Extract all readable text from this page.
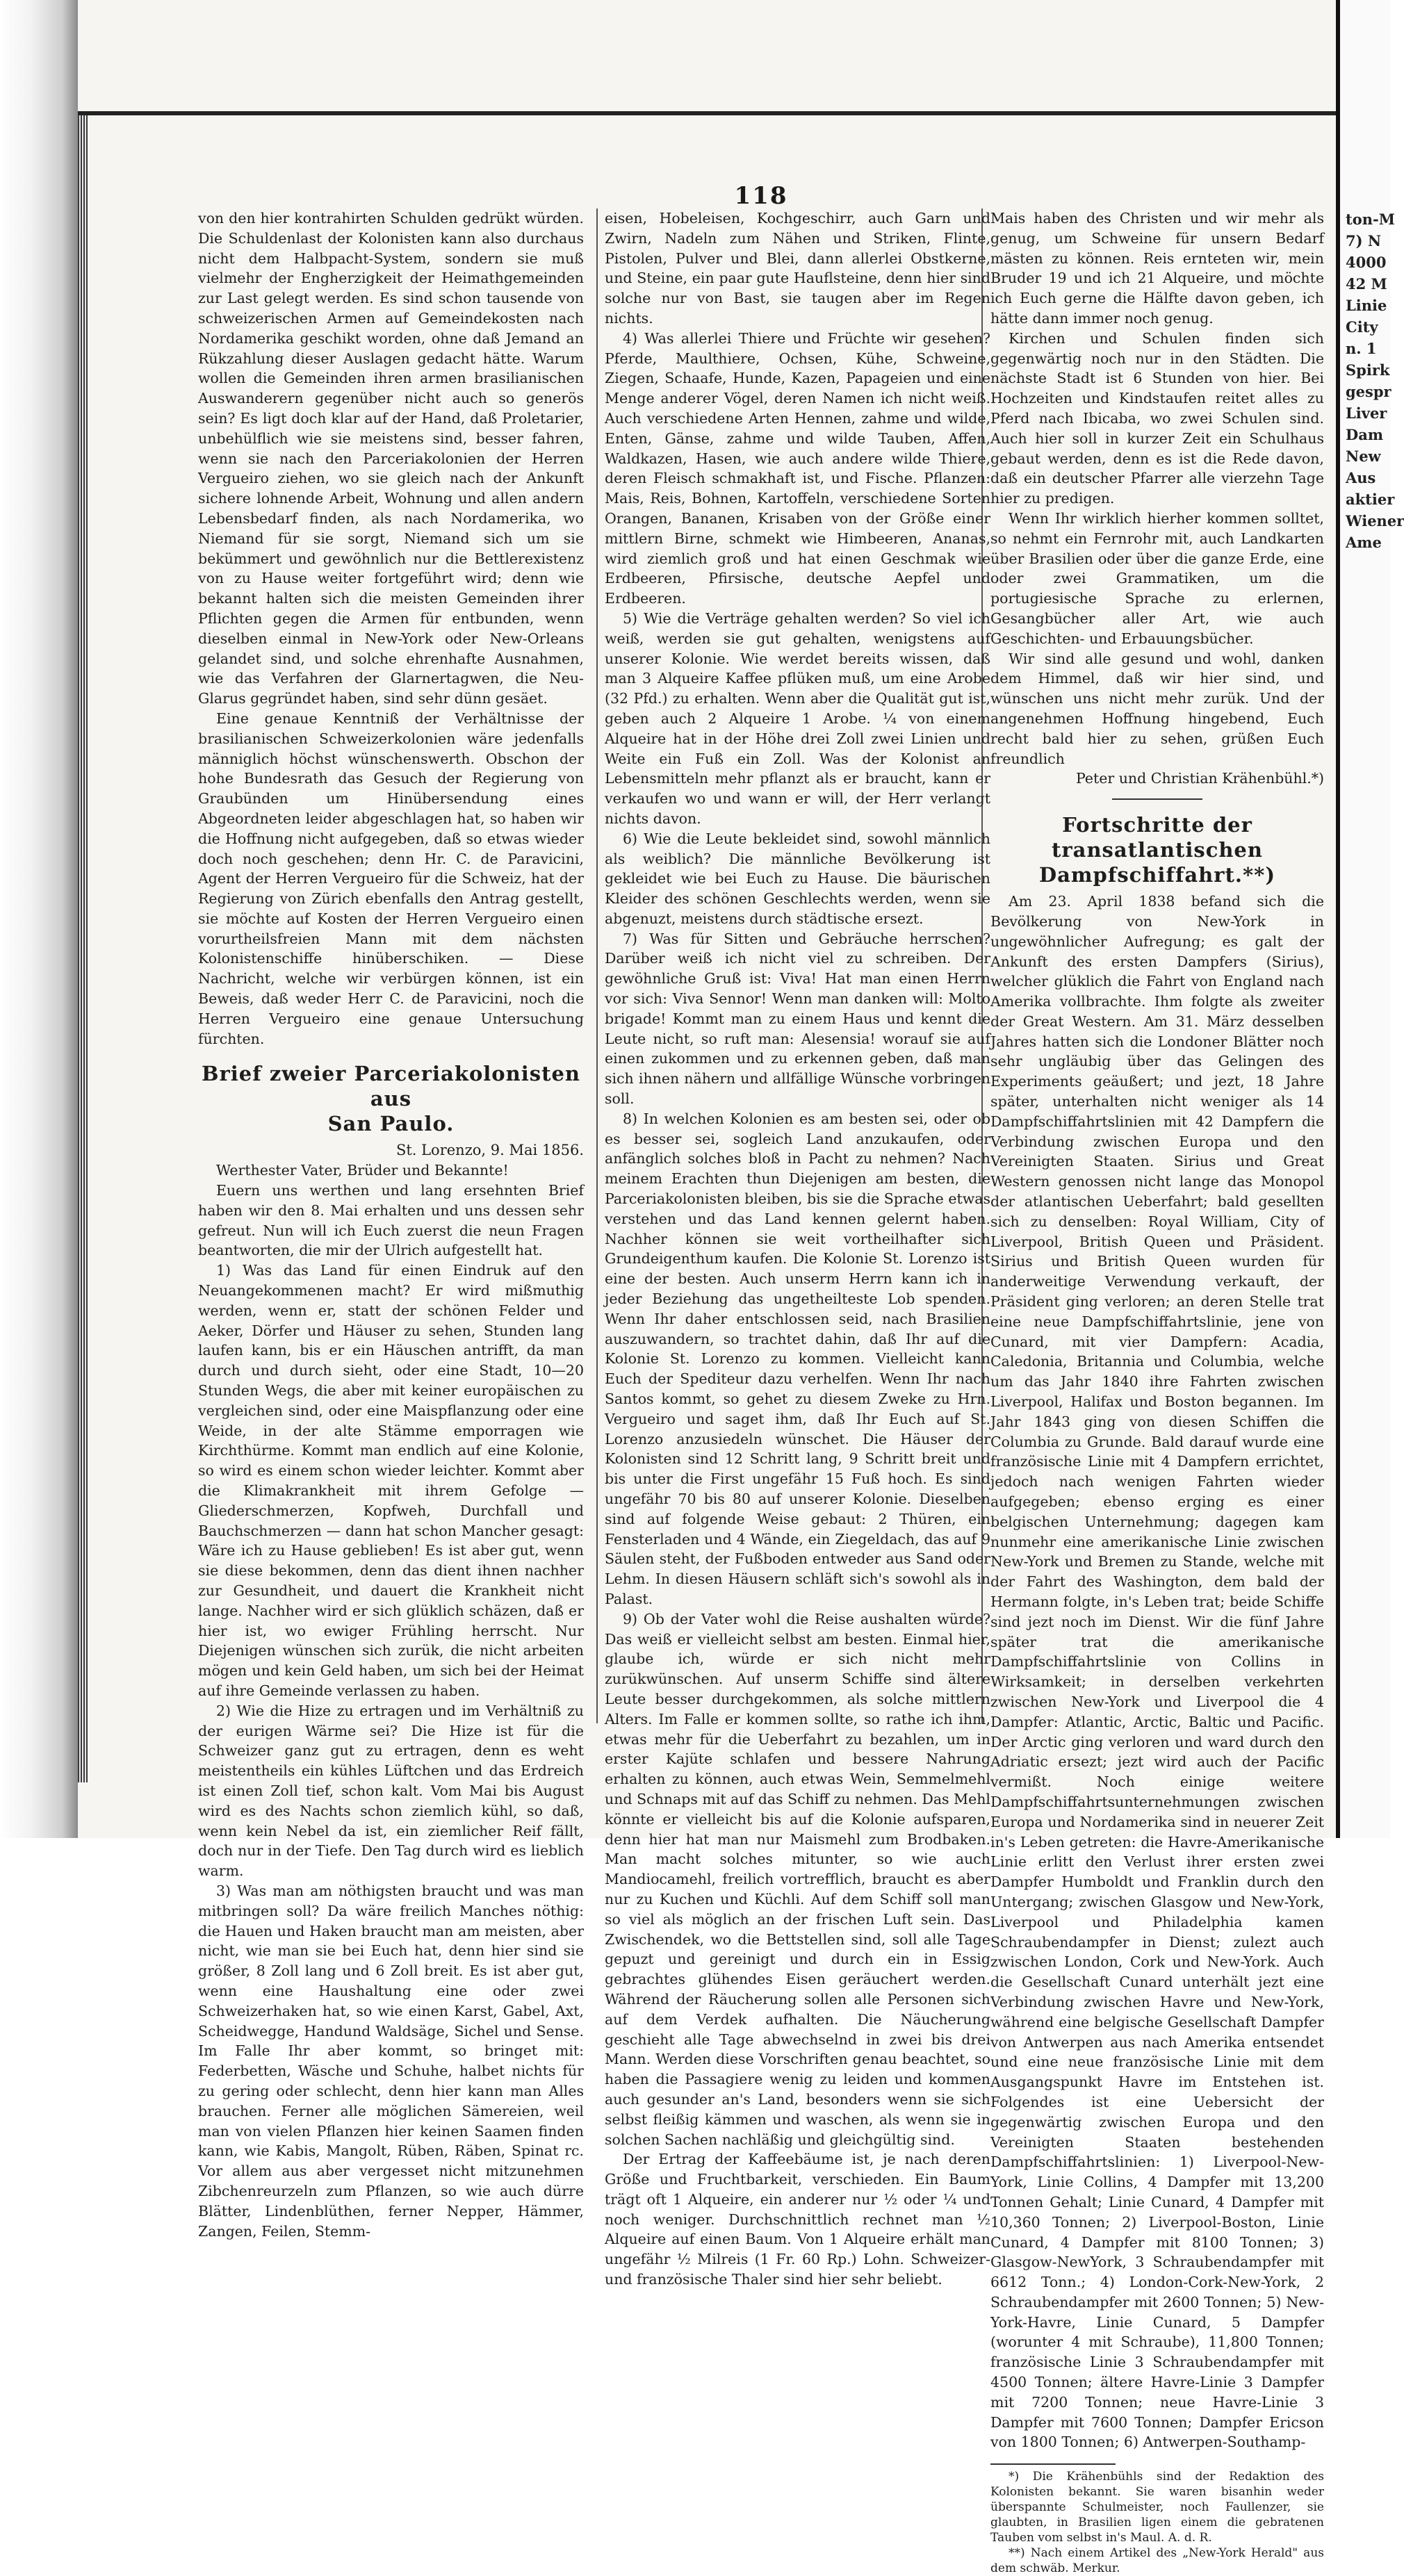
118

von den hier kontrahirten Schulden gedrükt würden. Die Schuldenlast der Kolonisten kann also durchaus nicht dem Halbpacht-System, sondern sie muß vielmehr der Engherzigkeit der Heimathgemeinden zur Last gelegt werden. Es sind schon tausende von schweizerischen Armen auf Gemeindekosten nach Nordamerika geschikt worden, ohne daß Jemand an Rükzahlung dieser Auslagen gedacht hätte. Warum wollen die Gemeinden ihren armen brasilianischen Auswanderern gegenüber nicht auch so generös sein? Es ligt doch klar auf der Hand, daß Proletarier, unbehülflich wie sie meistens sind, besser fahren, wenn sie nach den Parceriakolonien der Herren Vergueiro ziehen, wo sie gleich nach der Ankunft sichere lohnende Arbeit, Wohnung und allen andern Lebensbedarf finden, als nach Nordamerika, wo Niemand für sie sorgt, Niemand sich um sie bekümmert und gewöhnlich nur die Bettlerexistenz von zu Hause weiter fortgeführt wird; denn wie bekannt halten sich die meisten Gemeinden ihrer Pflichten gegen die Armen für entbunden, wenn dieselben einmal in New-York oder New-Orleans gelandet sind, und solche ehrenhafte Ausnahmen, wie das Verfahren der Glarnertagwen, die Neu-Glarus gegründet haben, sind sehr dünn gesäet.

Eine genaue Kenntniß der Verhältnisse der brasilianischen Schweizerkolonien wäre jedenfalls männiglich höchst wünschenswerth. Obschon der hohe Bundesrath das Gesuch der Regierung von Graubünden um Hinübersendung eines Abgeordneten leider abgeschlagen hat, so haben wir die Hoffnung nicht aufgegeben, daß so etwas wieder doch noch geschehen; denn Hr. C. de Paravicini, Agent der Herren Vergueiro für die Schweiz, hat der Regierung von Zürich ebenfalls den Antrag gestellt, sie möchte auf Kosten der Herren Vergueiro einen vorurtheilsfreien Mann mit dem nächsten Kolonistenschiffe hinüberschiken. — Diese Nachricht, welche wir verbürgen können, ist ein Beweis, daß weder Herr C. de Paravicini, noch die Herren Vergueiro eine genaue Untersuchung fürchten.

Brief zweier Parceriakolonisten aus
San Paulo.

St. Lorenzo, 9. Mai 1856.

Werthester Vater, Brüder und Bekannte!

Euern uns werthen und lang ersehnten Brief haben wir den 8. Mai erhalten und uns dessen sehr gefreut. Nun will ich Euch zuerst die neun Fragen beantworten, die mir der Ulrich aufgestellt hat.

1) Was das Land für einen Eindruk auf den Neuangekommenen macht? Er wird mißmuthig werden, wenn er, statt der schönen Felder und Aeker, Dörfer und Häuser zu sehen, Stunden lang laufen kann, bis er ein Häuschen antrifft, da man durch und durch sieht, oder eine Stadt, 10—20 Stunden Wegs, die aber mit keiner europäischen zu vergleichen sind, oder eine Maispflanzung oder eine Weide, in der alte Stämme emporragen wie Kirchthürme. Kommt man endlich auf eine Kolonie, so wird es einem schon wieder leichter. Kommt aber die Klimakrankheit mit ihrem Gefolge — Gliederschmerzen, Kopfweh, Durchfall und Bauchschmerzen — dann hat schon Mancher gesagt: Wäre ich zu Hause geblieben! Es ist aber gut, wenn sie diese bekommen, denn das dient ihnen nachher zur Gesundheit, und dauert die Krankheit nicht lange. Nachher wird er sich glüklich schäzen, daß er hier ist, wo ewiger Frühling herrscht. Nur Diejenigen wünschen sich zurük, die nicht arbeiten mögen und kein Geld haben, um sich bei der Heimat auf ihre Gemeinde verlassen zu haben.

2) Wie die Hize zu ertragen und im Verhältniß zu der eurigen Wärme sei? Die Hize ist für die Schweizer ganz gut zu ertragen, denn es weht meistentheils ein kühles Lüftchen und das Erdreich ist einen Zoll tief, schon kalt. Vom Mai bis August wird es des Nachts schon ziemlich kühl, so daß, wenn kein Nebel da ist, ein ziemlicher Reif fällt, doch nur in der Tiefe. Den Tag durch wird es lieblich warm.

3) Was man am nöthigsten braucht und was man mitbringen soll? Da wäre freilich Manches nöthig: die Hauen und Haken braucht man am meisten, aber nicht, wie man sie bei Euch hat, denn hier sind sie größer, 8 Zoll lang und 6 Zoll breit. Es ist aber gut, wenn eine Haushaltung eine oder zwei Schweizerhaken hat, so wie einen Karst, Gabel, Axt, Scheidwegge, Handund Waldsäge, Sichel und Sense. Im Falle Ihr aber kommt, so bringet mit: Federbetten, Wäsche und Schuhe, halbet nichts für zu gering oder schlecht, denn hier kann man Alles brauchen. Ferner alle möglichen Sämereien, weil man von vielen Pflanzen hier keinen Saamen finden kann, wie Kabis, Mangolt, Rüben, Räben, Spinat rc. Vor allem aus aber vergesset nicht mitzunehmen Zibchenreurzeln zum Pflanzen, so wie auch dürre Blätter, Lindenblüthen, ferner Nepper, Hämmer, Zangen, Feilen, Stemm-

eisen, Hobeleisen, Kochgeschirr, auch Garn und Zwirn, Nadeln zum Nähen und Striken, Flinte, Pistolen, Pulver und Blei, dann allerlei Obstkerne, und Steine, ein paar gute Hauflsteine, denn hier sind solche nur von Bast, sie taugen aber im Regen nichts.

4) Was allerlei Thiere und Früchte wir gesehen? Pferde, Maulthiere, Ochsen, Kühe, Schweine, Ziegen, Schaafe, Hunde, Kazen, Papageien und eine Menge anderer Vögel, deren Namen ich nicht weiß. Auch verschiedene Arten Hennen, zahme und wilde, Enten, Gänse, zahme und wilde Tauben, Affen, Waldkazen, Hasen, wie auch andere wilde Thiere, deren Fleisch schmakhaft ist, und Fische. Pflanzen: Mais, Reis, Bohnen, Kartoffeln, verschiedene Sorten Orangen, Bananen, Krisaben von der Größe einer mittlern Birne, schmekt wie Himbeeren, Ananas, wird ziemlich groß und hat einen Geschmak wie Erdbeeren, Pfirsische, deutsche Aepfel und Erdbeeren.

5) Wie die Verträge gehalten werden? So viel ich weiß, werden sie gut gehalten, wenigstens auf unserer Kolonie. Wie werdet bereits wissen, daß man 3 Alqueire Kaffee pflüken muß, um eine Arobe (32 Pfd.) zu erhalten. Wenn aber die Qualität gut ist, geben auch 2 Alqueire 1 Arobe. ¼ von einem Alqueire hat in der Höhe drei Zoll zwei Linien und Weite ein Fuß ein Zoll. Was der Kolonist an Lebensmitteln mehr pflanzt als er braucht, kann er verkaufen wo und wann er will, der Herr verlangt nichts davon.

6) Wie die Leute bekleidet sind, sowohl männlich als weiblich? Die männliche Bevölkerung ist gekleidet wie bei Euch zu Hause. Die bäurischen Kleider des schönen Geschlechts werden, wenn sie abgenuzt, meistens durch städtische ersezt.

7) Was für Sitten und Gebräuche herrschen? Darüber weiß ich nicht viel zu schreiben. Der gewöhnliche Gruß ist: Viva! Hat man einen Herrn vor sich: Viva Sennor! Wenn man danken will: Molto brigade! Kommt man zu einem Haus und kennt die Leute nicht, so ruft man: Alesensia! worauf sie auf einen zukommen und zu erkennen geben, daß man sich ihnen nähern und allfällige Wünsche vorbringen soll.

8) In welchen Kolonien es am besten sei, oder ob es besser sei, sogleich Land anzukaufen, oder anfänglich solches bloß in Pacht zu nehmen? Nach meinem Erachten thun Diejenigen am besten, die Parceriakolonisten bleiben, bis sie die Sprache etwas verstehen und das Land kennen gelernt haben. Nachher können sie weit vortheilhafter sich Grundeigenthum kaufen. Die Kolonie St. Lorenzo ist eine der besten. Auch unserm Herrn kann ich in jeder Beziehung das ungetheilteste Lob spenden. Wenn Ihr daher entschlossen seid, nach Brasilien auszuwandern, so trachtet dahin, daß Ihr auf die Kolonie St. Lorenzo zu kommen. Vielleicht kann Euch der Spediteur dazu verhelfen. Wenn Ihr nach Santos kommt, so gehet zu diesem Zweke zu Hrn. Vergueiro und saget ihm, daß Ihr Euch auf St. Lorenzo anzusiedeln wünschet. Die Häuser der Kolonisten sind 12 Schritt lang, 9 Schritt breit und bis unter die First ungefähr 15 Fuß hoch. Es sind ungefähr 70 bis 80 auf unserer Kolonie. Dieselben sind auf folgende Weise gebaut: 2 Thüren, ein Fensterladen und 4 Wände, ein Ziegeldach, das auf 9 Säulen steht, der Fußboden entweder aus Sand oder Lehm. In diesen Häusern schläft sich's sowohl als in Palast.

9) Ob der Vater wohl die Reise aushalten würde? Das weiß er vielleicht selbst am besten. Einmal hier, glaube ich, würde er sich nicht mehr zurükwünschen. Auf unserm Schiffe sind ältere Leute besser durchgekommen, als solche mittlern Alters. Im Falle er kommen sollte, so rathe ich ihm, etwas mehr für die Ueberfahrt zu bezahlen, um in erster Kajüte schlafen und bessere Nahrung erhalten zu können, auch etwas Wein, Semmelmehl und Schnaps mit auf das Schiff zu nehmen. Das Mehl könnte er vielleicht bis auf die Kolonie aufsparen, denn hier hat man nur Maismehl zum Brodbaken. Man macht solches mitunter, so wie auch Mandiocamehl, freilich vortrefflich, braucht es aber nur zu Kuchen und Küchli. Auf dem Schiff soll man so viel als möglich an der frischen Luft sein. Das Zwischendek, wo die Bettstellen sind, soll alle Tage gepuzt und gereinigt und durch ein in Essig gebrachtes glühendes Eisen geräuchert werden. Während der Räucherung sollen alle Personen sich auf dem Verdek aufhalten. Die Näucherung geschieht alle Tage abwechselnd in zwei bis drei Mann. Werden diese Vorschriften genau beachtet, so haben die Passagiere wenig zu leiden und kommen auch gesunder an's Land, besonders wenn sie sich selbst fleißig kämmen und waschen, als wenn sie in solchen Sachen nachläßig und gleichgültig sind.

Der Ertrag der Kaffeebäume ist, je nach deren Größe und Fruchtbarkeit, verschieden. Ein Baum trägt oft 1 Alqueire, ein anderer nur ½ oder ¼ und noch weniger. Durchschnittlich rechnet man ½ Alqueire auf einen Baum. Von 1 Alqueire erhält man ungefähr ½ Milreis (1 Fr. 60 Rp.) Lohn. Schweizer- und französische Thaler sind hier sehr beliebt.

Mais haben des Christen und wir mehr als genug, um Schweine für unsern Bedarf mästen zu können. Reis ernteten wir, mein Bruder 19 und ich 21 Alqueire, und möchte ich Euch gerne die Hälfte davon geben, ich hätte dann immer noch genug.

Kirchen und Schulen finden sich gegenwärtig noch nur in den Städten. Die nächste Stadt ist 6 Stunden von hier. Bei Hochzeiten und Kindstaufen reitet alles zu Pferd nach Ibicaba, wo zwei Schulen sind. Auch hier soll in kurzer Zeit ein Schulhaus gebaut werden, denn es ist die Rede davon, daß ein deutscher Pfarrer alle vierzehn Tage hier zu predigen.

Wenn Ihr wirklich hierher kommen solltet, so nehmt ein Fernrohr mit, auch Landkarten über Brasilien oder über die ganze Erde, eine oder zwei Grammatiken, um die portugiesische Sprache zu erlernen, Gesangbücher aller Art, wie auch Geschichten- und Erbauungsbücher.

Wir sind alle gesund und wohl, danken dem Himmel, daß wir hier sind, und wünschen uns nicht mehr zurük. Und der angenehmen Hoffnung hingebend, Euch recht bald hier zu sehen, grüßen Euch freundlich

Peter und Christian Krähenbühl.*)

Fortschritte der transatlantischen
Dampfschiffahrt.**)

Am 23. April 1838 befand sich die Bevölkerung von New-York in ungewöhnlicher Aufregung; es galt der Ankunft des ersten Dampfers (Sirius), welcher glüklich die Fahrt von England nach Amerika vollbrachte. Ihm folgte als zweiter der Great Western. Am 31. März desselben Jahres hatten sich die Londoner Blätter noch sehr ungläubig über das Gelingen des Experiments geäußert; und jezt, 18 Jahre später, unterhalten nicht weniger als 14 Dampfschiffahrtslinien mit 42 Dampfern die Verbindung zwischen Europa und den Vereinigten Staaten. Sirius und Great Western genossen nicht lange das Monopol der atlantischen Ueberfahrt; bald gesellten sich zu denselben: Royal William, City of Liverpool, British Queen und Präsident. Sirius und British Queen wurden für anderweitige Verwendung verkauft, der Präsident ging verloren; an deren Stelle trat eine neue Dampfschiffahrtslinie, jene von Cunard, mit vier Dampfern: Acadia, Caledonia, Britannia und Columbia, welche um das Jahr 1840 ihre Fahrten zwischen Liverpool, Halifax und Boston begannen. Im Jahr 1843 ging von diesen Schiffen die Columbia zu Grunde. Bald darauf wurde eine französische Linie mit 4 Dampfern errichtet, jedoch nach wenigen Fahrten wieder aufgegeben; ebenso erging es einer belgischen Unternehmung; dagegen kam nunmehr eine amerikanische Linie zwischen New-York und Bremen zu Stande, welche mit der Fahrt des Washington, dem bald der Hermann folgte, in's Leben trat; beide Schiffe sind jezt noch im Dienst. Wir die fünf Jahre später trat die amerikanische Dampfschiffahrtslinie von Collins in Wirksamkeit; in derselben verkehrten zwischen New-York und Liverpool die 4 Dampfer: Atlantic, Arctic, Baltic und Pacific. Der Arctic ging verloren und ward durch den Adriatic ersezt; jezt wird auch der Pacific vermißt. Noch einige weitere Dampfschiffahrtsunternehmungen zwischen Europa und Nordamerika sind in neuerer Zeit in's Leben getreten: die Havre-Amerikanische Linie erlitt den Verlust ihrer ersten zwei Dampfer Humboldt und Franklin durch den Untergang; zwischen Glasgow und New-York, Liverpool und Philadelphia kamen Schraubendampfer in Dienst; zulezt auch zwischen London, Cork und New-York. Auch die Gesellschaft Cunard unterhält jezt eine Verbindung zwischen Havre und New-York, während eine belgische Gesellschaft Dampfer von Antwerpen aus nach Amerika entsendet und eine neue französische Linie mit dem Ausgangspunkt Havre im Entstehen ist. Folgendes ist eine Uebersicht der gegenwärtig zwischen Europa und den Vereinigten Staaten bestehenden Dampfschiffahrtslinien: 1) Liverpool-New-York, Linie Collins, 4 Dampfer mit 13,200 Tonnen Gehalt; Linie Cunard, 4 Dampfer mit 10,360 Tonnen; 2) Liverpool-Boston, Linie Cunard, 4 Dampfer mit 8100 Tonnen; 3) Glasgow-NewYork, 3 Schraubendampfer mit 6612 Tonn.; 4) London-Cork-New-York, 2 Schraubendampfer mit 2600 Tonnen; 5) New-York-Havre, Linie Cunard, 5 Dampfer (worunter 4 mit Schraube), 11,800 Tonnen; französische Linie 3 Schraubendampfer mit 4500 Tonnen; ältere Havre-Linie 3 Dampfer mit 7200 Tonnen; neue Havre-Linie 3 Dampfer mit 7600 Tonnen; Dampfer Ericson von 1800 Tonnen; 6) Antwerpen-Southamp-

*) Die Krähenbühls sind der Redaktion des Kolonisten bekannt. Sie waren bisanhin weder überspannte Schulmeister, noch Faullenzer, sie glaubten, in Brasilien ligen einem die gebratenen Tauben vom selbst in's Maul. A. d. R.

**) Nach einem Artikel des „New-York Herald" aus dem schwäb. Merkur.

ton-M
7) N
4000
42 M
Linie
City
n. 1
Spirk
gespr
Liver
Dam
New
Aus
aktier
Wiener
Ame
